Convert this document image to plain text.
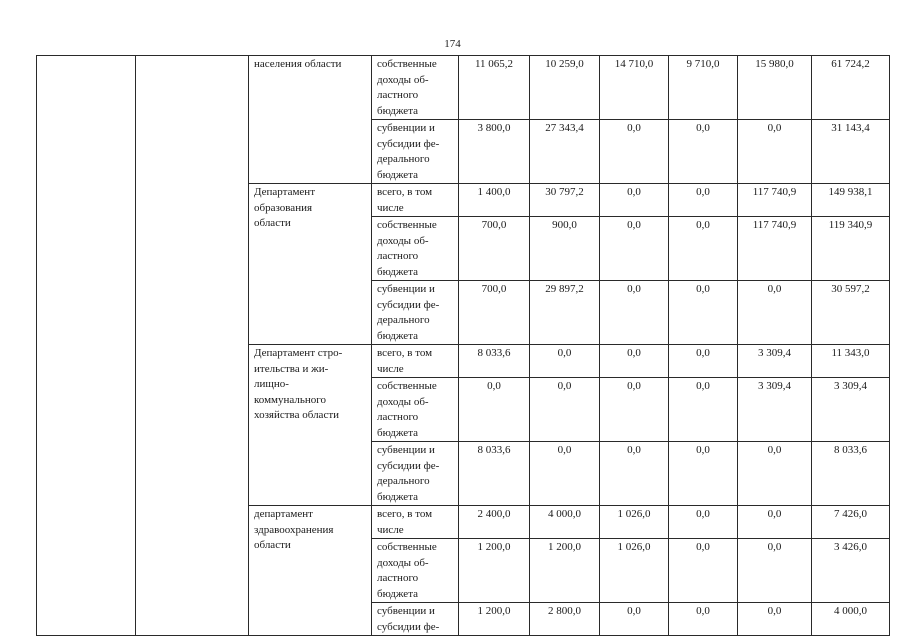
174
		населения области	собственные доходы об-
ластного
бюджета	11 065,2	10 259,0	14 710,0	9 710,0	15 980,0	61 724,2
			субвенции и
субсидии фе-
дерального
бюджета	3 800,0	27 343,4	0,0	0,0	0,0	31 143,4
		Департамент
образования
области	всего, в том
числе	1 400,0	30 797,2	0,0	0,0	117 740,9	149 938,1
			собственные
доходы об-
ластного
бюджета	700,0	900,0	0,0	0,0	117 740,9	119 340,9
			субвенции и
субсидии фе-
дерального
бюджета	700,0	29 897,2	0,0	0,0	0,0	30 597,2
		Департамент стро-
ительства и жи-
лищно-
коммунального
хозяйства области	всего, в том
числе	8 033,6	0,0	0,0	0,0	3 309,4	11 343,0
			собственные
доходы об-
ластного
бюджета	0,0	0,0	0,0	0,0	3 309,4	3 309,4
			субвенции и
субсидии фе-
дерального
бюджета	8 033,6	0,0	0,0	0,0	0,0	8 033,6
		департамент
здравоохранения
области	всего, в том
числе	2 400,0	4 000,0	1 026,0	0,0	0,0	7 426,0
			собственные
доходы об-
ластного
бюджета	1 200,0	1 200,0	1 026,0	0,0	0,0	3 426,0
			субвенции и
субсидии фе-	1 200,0	2 800,0	0,0	0,0	0,0	4 000,0
